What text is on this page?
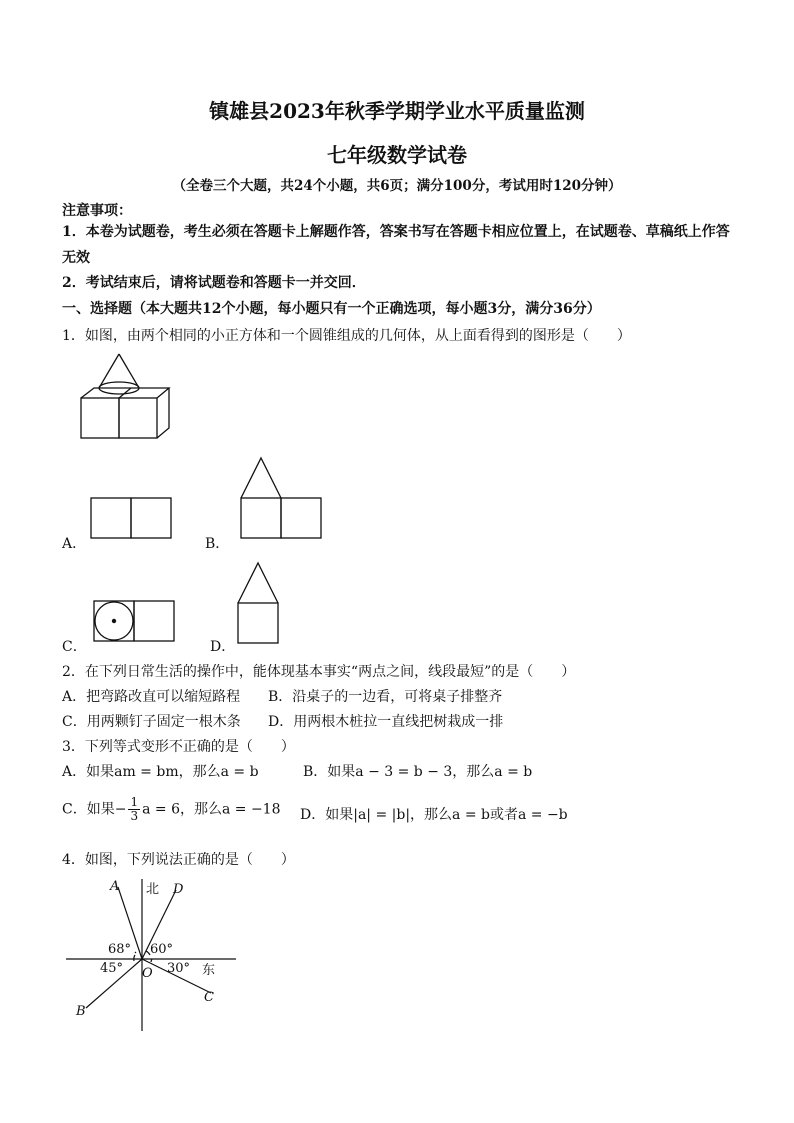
镇雄县2023年秋季学期学业水平质量监测
七年级数学试卷
（全卷三个大题，共24个小题，共6页；满分100分，考试用时120分钟）
注意事项：
1．本卷为试题卷，考生必须在答题卡上解题作答，答案书写在答题卡相应位置上，在试题卷、草稿纸上作答无效
2．考试结束后，请将试题卷和答题卡一并交回．
一、选择题（本大题共12个小题，每小题只有一个正确选项，每小题3分，满分36分）
1．如图，由两个相同的小正方体和一个圆锥组成的几何体，从上面看得到的图形是（　　）
A．	B．
C．	D．
2．在下列日常生活的操作中，能体现基本事实“两点之间，线段最短”的是（　　）
A．把弯路改直可以缩短路程 B．沿桌子的一边看，可将桌子排整齐
C．用两颗钉子固定一根木条 D．用两根木桩拉一直线把树栽成一排
3．下列等式变形不正确的是（　　）
A．如果am = bm，那么a = b	B．如果a − 3 = b − 3，那么a = b
C．如果− $\frac{1}{3}$ a = 6，那么a = −18 D．如果|a| = |b|，那么a = b或者a = −b
4．如图，下列说法正确的是（　　）
北
东
A	D
B
C
O
68° 60°
45°	30°
